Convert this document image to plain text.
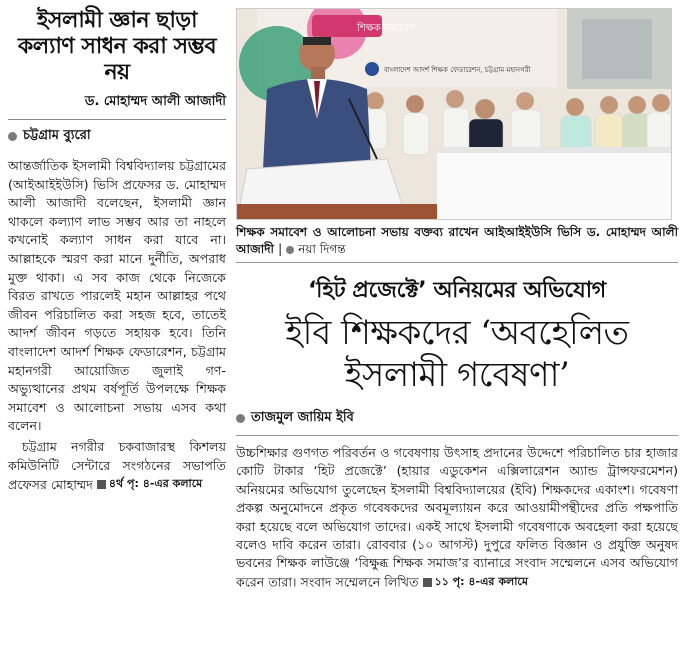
ইসলামী জ্ঞান ছাড়া কল্যাণ সাধন করা সম্ভব নয়
ড. মোহাম্মদ আলী আজাদী
চট্টগ্রাম ব্যুরো
আন্তর্জাতিক ইসলামী বিশ্ববিদ্যালয় চট্টগ্রামের (আইআইইউসি) ভিসি প্রফেসর ড. মোহাম্মদ আলী আজাদী বলেছেন, ইসলামী জ্ঞান থাকলে কল্যাণ লাভ সম্ভব আর তা নাহলে কখনোই কল্যাণ সাধন করা যাবে না। আল্লাহকে স্মরণ করা মানে দুর্নীতি, অপরাধ মুক্ত থাকা। এ সব কাজ থেকে নিজেকে বিরত রাখতে পারলেই মহান আল্লাহর পথে জীবন পরিচালিত করা সহজ হবে, তাতেই আদর্শ জীবন গড়তে সহায়ক হবে। তিনি বাংলাদেশ আদর্শ শিক্ষক ফেডারেশন, চট্টগ্রাম মহানগরী আয়োজিত জুলাই গণ-অভ্যুত্থানের প্রথম বর্ষপূর্তি উপলক্ষে শিক্ষক সমাবেশ ও আলোচনা সভায় এসব কথা বলেন।
চট্টগ্রাম নগরীর চকবাজারস্থ কিশলয় কমিউনিটি সেন্টারে সংগঠনের সভাপতি প্রফেসর মোহাম্মদ ৪র্থ পৃ: ৪-এর কলামে
শিক্ষক সমাবেশ
বাংলাদেশ আদর্শ শিক্ষক ফেডারেশন, চট্টগ্রাম মহানগরী
শিক্ষক সমাবেশ ও আলোচনা সভায় বক্তব্য রাখেন আইআইইউসি ভিসি ড. মোহাম্মদ আলী আজাদী | নয়া দিগন্ত
‘হিট প্রজেক্টে’ অনিয়মের অভিযোগ
ইবি শিক্ষকদের ‘অবহেলিত ইসলামী গবেষণা’
তাজমুল জায়িম ইবি
উচ্চশিক্ষার গুণগত পরিবর্তন ও গবেষণায় উৎসাহ প্রদানের উদ্দেশে পরিচালিত চার হাজার কোটি টাকার ‘হিট প্রজেক্টে’ (হায়ার এডুকেশন এক্সিলারেশন অ্যান্ড ট্রান্সফরমেশন) অনিয়মের অভিযোগ তুলেছেন ইসলামী বিশ্ববিদ্যালয়ের (ইবি) শিক্ষকদের একাংশ। গবেষণা প্রকল্প অনুমোদনে প্রকৃত গবেষকদের অবমূল্যায়ন করে আওয়ামীপন্থীদের প্রতি পক্ষপাতি করা হয়েছে বলে অভিযোগ তাদের। একই সাথে ইসলামী গবেষণাকে অবহেলা করা হয়েছে বলেও দাবি করেন তারা। রোববার (১০ আগস্ট) দুপুরে ফলিত বিজ্ঞান ও প্রযুক্তি অনুষদ ভবনের শিক্ষক লাউঞ্জে ‘বিক্ষুব্ধ শিক্ষক সমাজ’র ব্যানারে সংবাদ সম্মেলনে এসব অভিযোগ করেন তারা। সংবাদ সম্মেলনে লিখিত ১১ পৃ: ৪-এর কলামে
